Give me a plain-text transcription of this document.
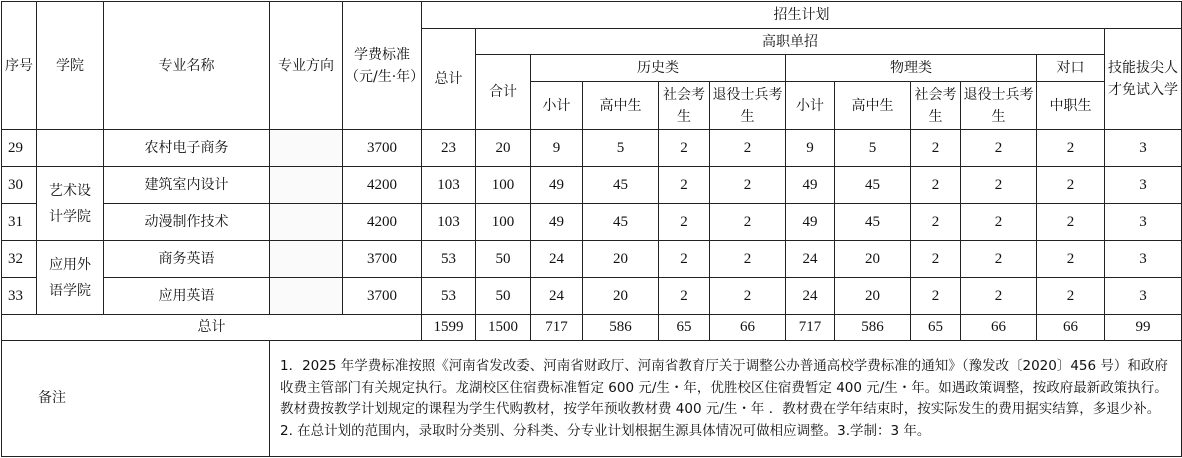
序号	学院	专业名称	专业方向	学费标准（元/生·年）	招生计划											
					总计	高职单招										技能拔尖人才免试入学
						合计	历史类				物理类				对口	
							小计	高中生	社会考生	退役士兵考生	小计	高中生	社会考生	退役士兵考生	中职生	
29		农村电子商务		3700	23	20	9	5	2	2	9	5	2	2	2	3
30	艺术设计学院	建筑室内设计		4200	103	100	49	45	2	2	49	45	2	2	2	3
31		动漫制作技术		4200	103	100	49	45	2	2	49	45	2	2	2	3
32	应用外语学院	商务英语		3700	53	50	24	20	2	2	24	20	2	2	2	3
33		应用英语		3700	53	50	24	20	2	2	24	20	2	2	2	3
总计					1599	1500	717	586	65	66	717	586	65	66	66	99
备注			1．2025 年学费标准按照《河南省发改委、河南省财政厅、河南省教育厅关于调整公办普通高校学费标准的通知》（豫发改〔2020〕456 号）和政府
收费主管部门有关规定执行。龙湖校区住宿费标准暂定 600 元/生・年，优胜校区住宿费暂定 400 元/生・年。如遇政策调整，按政府最新政策执行。
教材费按教学计划规定的课程为学生代购教材，按学年预收教材费 400 元/生・年 ．教材费在学年结束时，按实际发生的费用据实结算，多退少补。
2. 在总计划的范围内，录取时分类别、分科类、分专业计划根据生源具体情况可做相应调整。3.学制：3 年。													
